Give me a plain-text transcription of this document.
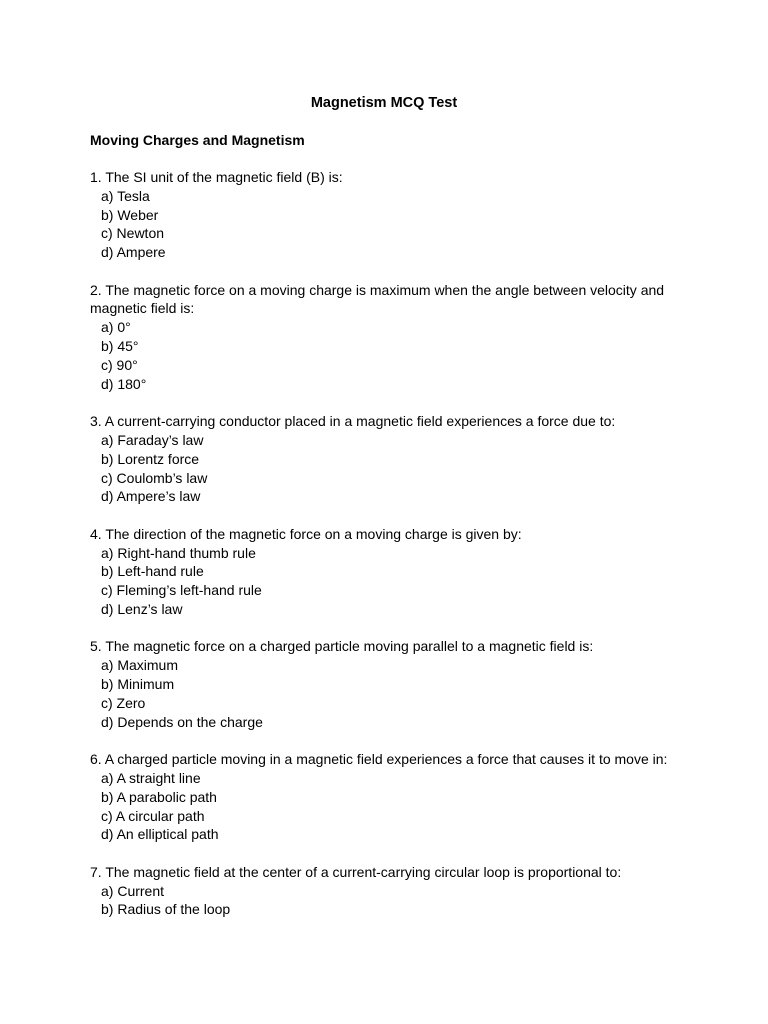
Magnetism MCQ Test
Moving Charges and Magnetism

1. The SI unit of the magnetic field (B) is:

a) Tesla
b) Weber
c) Newton
d) Ampere

2. The magnetic force on a moving charge is maximum when the angle between velocity and magnetic field is:

a) 0°
b) 45°
c) 90°
d) 180°

3. A current-carrying conductor placed in a magnetic field experiences a force due to:

a) Faraday’s law
b) Lorentz force
c) Coulomb’s law
d) Ampere’s law

4. The direction of the magnetic force on a moving charge is given by:

a) Right-hand thumb rule
b) Left-hand rule
c) Fleming’s left-hand rule
d) Lenz’s law

5. The magnetic force on a charged particle moving parallel to a magnetic field is:

a) Maximum
b) Minimum
c) Zero
d) Depends on the charge

6. A charged particle moving in a magnetic field experiences a force that causes it to move in:

a) A straight line
b) A parabolic path
c) A circular path
d) An elliptical path

7. The magnetic field at the center of a current-carrying circular loop is proportional to:

a) Current
b) Radius of the loop
